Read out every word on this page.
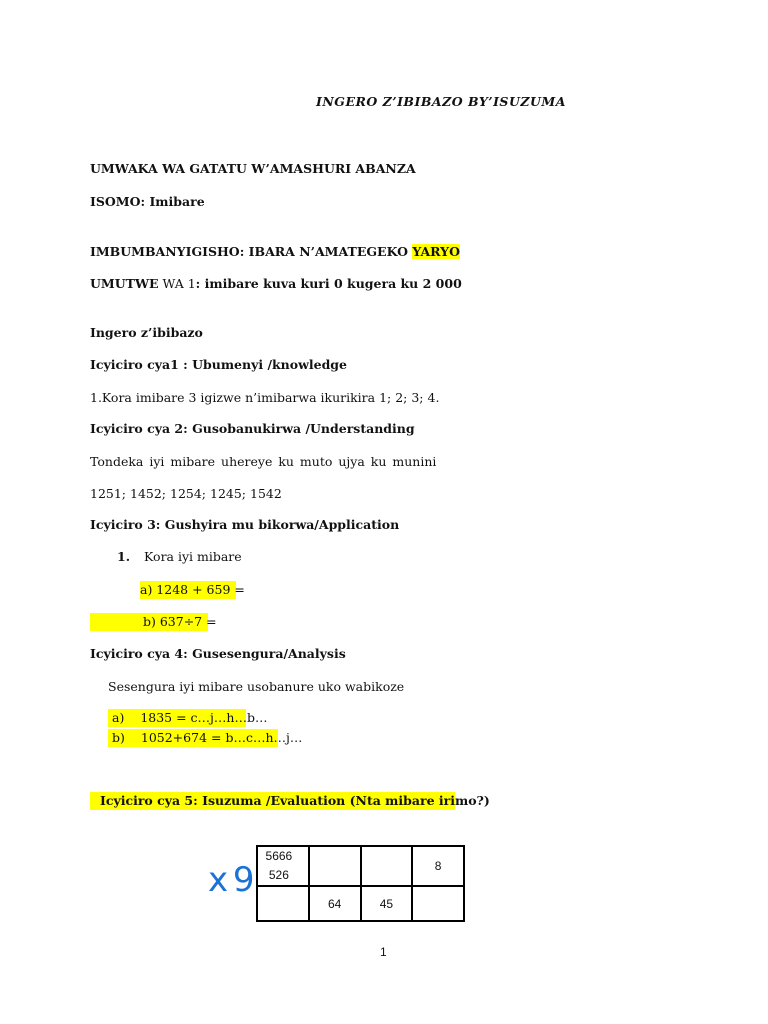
INGERO Z’IBIBAZO BY’ISUZUMA
UMWAKA WA GATATU W’AMASHURI ABANZA
ISOMO: Imibare
IMBUMBANYIGISHO: IBARA N’AMATEGEKO YARYO
UMUTWE WA 1: imibare kuva kuri 0 kugera ku 2 000
Ingero z’ibibazo
Icyiciro cya1 : Ubumenyi /knowledge
1.Kora imibare 3 igizwe n’imibarwa ikurikira 1; 2; 3; 4.
Icyiciro cya 2: Gusobanukirwa /Understanding
Tondeka iyi mibare uhereye ku muto ujya ku munini
1251; 1452; 1254; 1245; 1542
Icyiciro 3: Gushyira mu bikorwa/Application
1. Kora iyi mibare
a) 1248 + 659 =
b) 637÷7 =
Icyiciro cya 4: Gusesengura/Analysis
Sesengura iyi mibare usobanure uko wabikoze
a) 1835 = c…j…h…b…
b) 1052+674 = b…c…h…j…
Icyiciro cya 5: Isuzuma /Evaluation (Nta mibare irimo?)
x 9
5666
526			8
	64	45	
1
